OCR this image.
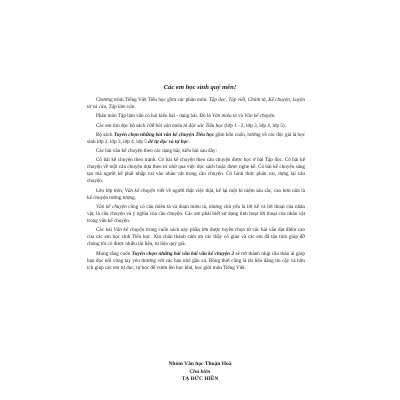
Các em học sinh quý mến!

Chương trình Tiếng Việt Tiểu học gồm các phân môn: Tập đọc, Tập viết, Chính tả, Kể chuyện, Luyện từ và câu, Tập làm văn.

Phân môn Tập làm văn có hai kiểu bài - dạng bài. Đó là Văn miêu tả và Văn kể chuyện.

Các em tìm đọc bộ sách 108 bài văn miêu tả đặc sắc Tiểu học (lớp 1 - 2, lớp 3, lớp 4, lớp 5).

Bộ sách Tuyển chọn những bài văn kể chuyện Tiểu học gồm bốn cuốn, hướng về các độc giả là học sinh lớp 2, lớp 3, lớp 4, lớp 5 để tự đọc và tự học.

Các bài văn kể chuyện theo các dạng bài, kiểu bài sau đây:

Có bài kể chuyện theo tranh. Có bài kể chuyện theo câu chuyện được học ở bài Tập đọc. Có bài kể chuyện về một câu chuyện dựa theo trí nhớ qua việc đọc sách hoặc được nghe kể. Có bài kể chuyện sáng tạo mà người kể phải nhập vai vào nhân vật trong câu chuyện. Có hình thức phân vai, dựng lại câu chuyện.

Lên lớp trên, Văn kể chuyện viết về người thật việc thật, kể lại một kỉ niệm sâu sắc, cao hơn nữa là kể chuyện tưởng tượng.

Văn kể chuyện cũng có câu miêu tả và đoạn miêu tả, nhưng chủ yếu là lời kể và lời thoại của nhân vật, là câu chuyện và ý nghĩa của câu chuyện. Các em phải biết sử dụng linh hoạt lời thoại của nhân vật trong văn kể chuyện.

Các bài Văn kể chuyện trong cuốn sách này phần lớn được tuyển chọn từ các bài văn đạt điểm cao của các em học sinh Tiểu học. Xin chân thành cảm ơn các thầy cô giáo và các em đã tận tình giúp đỡ chúng tôi có được nhiều tài liệu, tư liệu quý giá.

Mong rằng cuốn Tuyển chọn những bài văn bài văn kể chuyện 2 sẽ trở thành nhịp cầu thân ái giúp bạn đọc nối vòng tay yêu thương với các bạn nhỏ gần xa. Đồng thời cũng là tài liệu đáng tin cậy và hữu ích giúp các em tự đọc, tự học để vươn lên học khá, học giỏi môn Tiếng Việt.

Nhóm Văn học Thuận Hoà
Chủ biên
TẠ ĐỨC HIỀN
